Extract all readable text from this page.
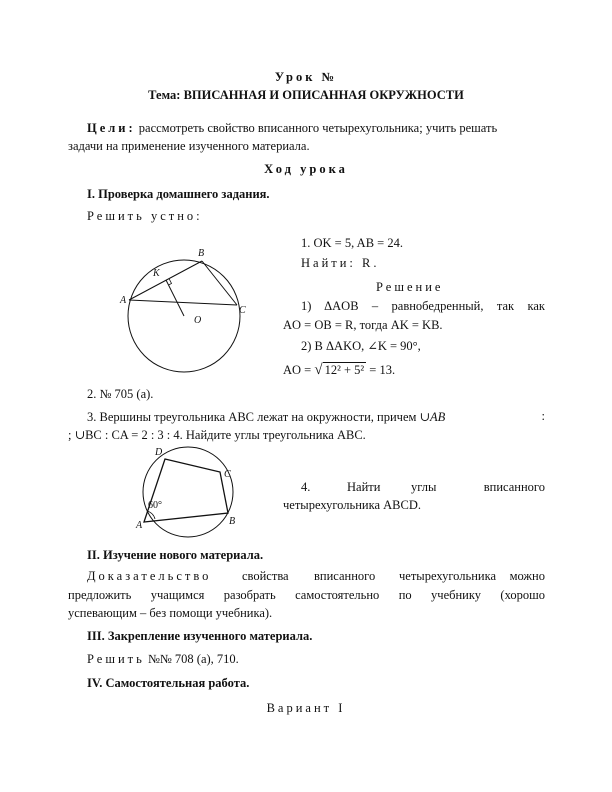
Урок №
Тема: ВПИСАННАЯ И ОПИСАННАЯ ОКРУЖНОСТИ
Цели: рассмотреть свойство вписанного четырехугольника; учить решать
задачи на применение изученного материала.
Ход урока
I. Проверка домашнего задания.
Решить устно:
A
B
C
K
O
1. OK = 5, AB = 24.
Найти: R.
Решение
1) ΔAOB – равнобедренный, так как
AO = OB = R, тогда AK = KB.
2) В ΔAKO, ∠K = 90°,
AO = √ 12² + 5² = 13.
2. № 705 (а).
3. Вершины треугольника ABC лежат на окружности, причем ∪AB	:
; ∪BC : CA = 2 : 3 : 4. Найдите углы треугольника ABC.
A	B
C
D
60°
4.	Найти углы	вписанного
четырехугольника ABCD.
II. Изучение нового материала.
Доказательство свойства вписанного четырехугольника можно
предложить учащимся разобрать самостоятельно по учебнику (хорошо
успевающим – без помощи учебника).
III. Закрепление изученного материала.
Решить №№ 708 (а), 710.
IV. Самостоятельная работа.
Вариант I
